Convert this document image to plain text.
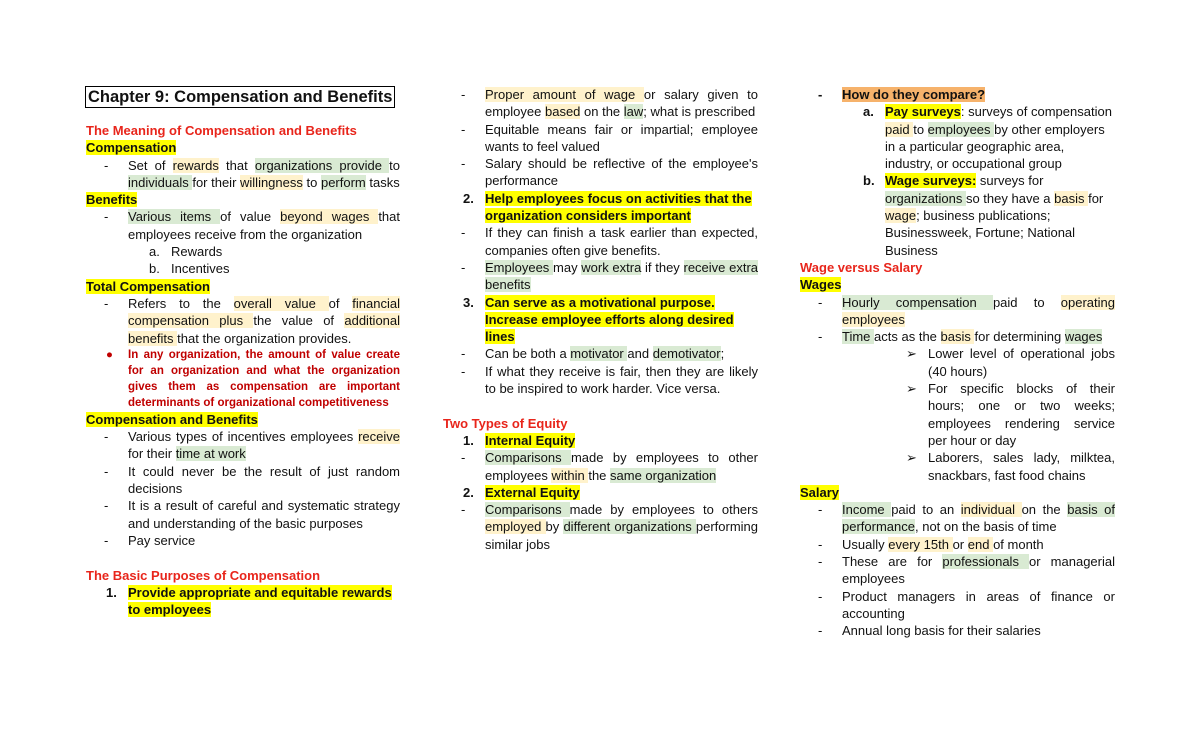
Chapter 9: Compensation and Benefits
The Meaning of Compensation and Benefits
Compensation
- Set of rewards that organizations provide to individuals for their willingness to perform tasks
Benefits
- Various items of value beyond wages that employees receive from the organization
a. Rewards
b. Incentives
Total Compensation
- Refers to the overall value of financial compensation plus the value of additional benefits that the organization provides.
● In any organization, the amount of value create for an organization and what the organization gives them as compensation are important determinants of organizational competitiveness
Compensation and Benefits
- Various types of incentives employees receive for their time at work
- It could never be the result of just random decisions
- It is a result of careful and systematic strategy and understanding of the basic purposes
- Pay service
The Basic Purposes of Compensation
1. Provide appropriate and equitable rewards to employees
- Proper amount of wage or salary given to employee based on the law; what is prescribed
- Equitable means fair or impartial; employee wants to feel valued
- Salary should be reflective of the employee's performance
2. Help employees focus on activities that the organization considers important
- If they can finish a task earlier than expected, companies often give benefits.
- Employees may work extra if they receive extra benefits
3. Can serve as a motivational purpose. Increase employee efforts along desired lines
- Can be both a motivator and demotivator;
- If what they receive is fair, then they are likely to be inspired to work harder. Vice versa.
Two Types of Equity
1. Internal Equity
- Comparisons made by employees to other employees within the same organization
2. External Equity
- Comparisons made by employees to others employed by different organizations performing similar jobs
- How do they compare?
a. Pay surveys: surveys of compensation paid to employees by other employers in a particular geographic area, industry, or occupational group
b. Wage surveys: surveys for organizations so they have a basis for wage; business publications; Businessweek, Fortune; National Business
Wage versus Salary
Wages
- Hourly compensation paid to operating employees
- Time acts as the basis for determining wages
➢ Lower level of operational jobs (40 hours)
➢ For specific blocks of their hours; one or two weeks; employees rendering service per hour or day
➢ Laborers, sales lady, milktea, snackbars, fast food chains
Salary
- Income paid to an individual on the basis of performance, not on the basis of time
- Usually every 15th or end of month
- These are for professionals or managerial employees
- Product managers in areas of finance or accounting
- Annual long basis for their salaries
